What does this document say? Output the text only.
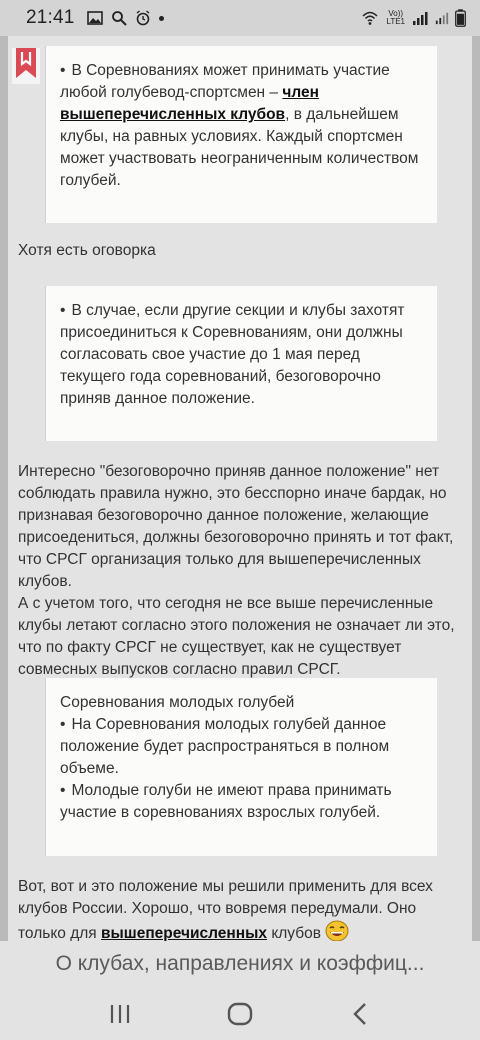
21:41	Vo))
LTE1
• В Соревнованиях может принимать участие любой голубевод-спортсмен – член вышеперечисленных клубов, в дальнейшем клубы, на равных условиях. Каждый спортсмен может участвовать неограниченным количеством голубей.
Хотя есть оговорка
• В случае, если другие секции и клубы захотят присоединиться к Соревнованиям, они должны согласовать свое участие до 1 мая перед текущего года соревнований, безоговорочно приняв данное положение.
Интересно "безоговорочно приняв данное положение" нет соблюдать правила нужно, это бесспорно иначе бардак, но признавая безоговорочно данное положение, желающие присоедениться, должны безоговорочно принять и тот факт, что СРСГ организация только для вышеперечисленных клубов.
А с учетом того, что сегодня не все выше перечисленные клубы летают согласно этого положения не означает ли это, что по факту СРСГ не существует, как не существует совмесных выпусков согласно правил СРСГ.
Соревнования молодых голубей
• На Соревнования молодых голубей данное положение будет распространяться в полном объеме.
• Молодые голуби не имеют права принимать участие в соревнованиях взрослых голубей.
Вот, вот и это положение мы решили применить для всех клубов России. Хорошо, что вовремя передумали. Оно только для вышеперечисленных клубов
О клубах, направлениях и коэффиц...
